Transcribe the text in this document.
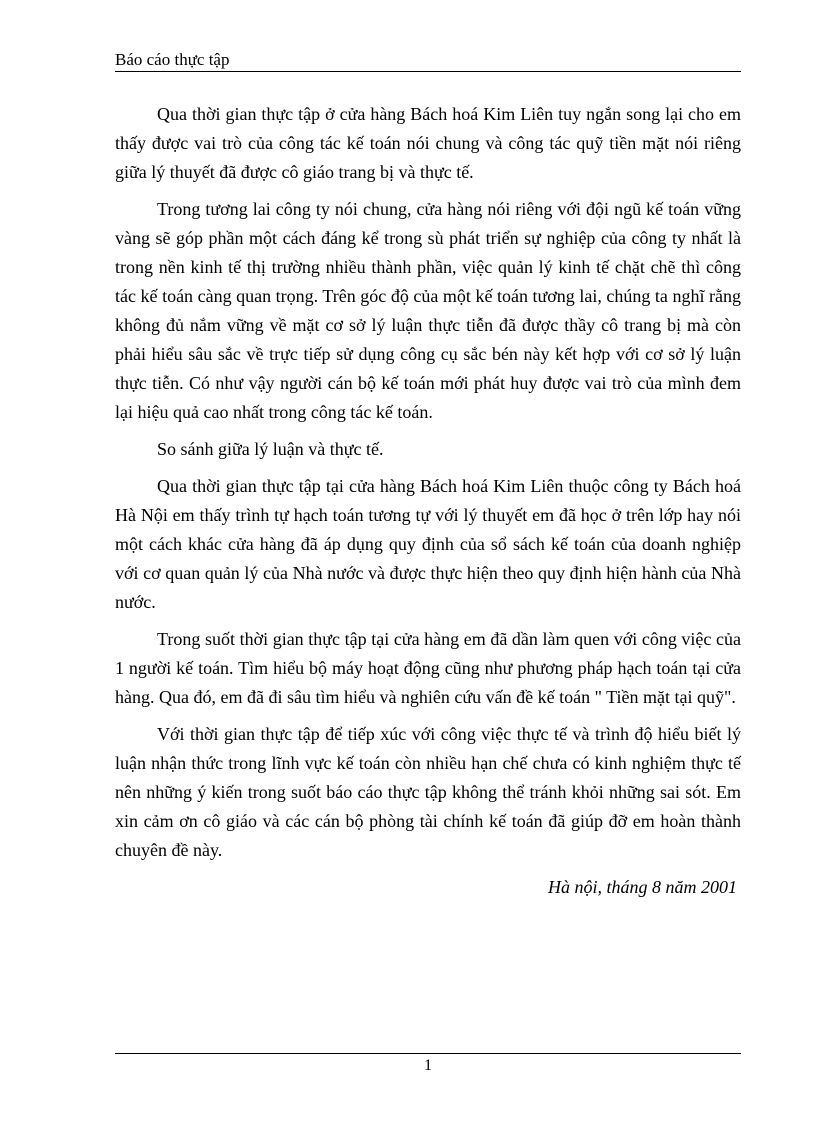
Báo cáo thực tập

Qua thời gian thực tập ở cửa hàng Bách hoá Kim Liên tuy ngắn song lại cho em thấy được vai trò của công tác kế toán nói chung và công tác quỹ tiền mặt nói riêng giữa lý thuyết đã được cô giáo trang bị và thực tế.

Trong tương lai công ty nói chung, cửa hàng nói riêng với đội ngũ kế toán vững vàng sẽ góp phần một cách đáng kể trong sù phát triển sự nghiệp của công ty nhất là trong nền kinh tế thị trường nhiều thành phần, việc quản lý kinh tế chặt chẽ thì công tác kế toán càng quan trọng. Trên góc độ của một kế toán tương lai, chúng ta nghĩ rằng không đủ nắm vững về mặt cơ sở lý luận thực tiễn đã được thầy cô trang bị mà còn phải hiểu sâu sắc về trực tiếp sử dụng công cụ sắc bén này kết hợp với cơ sở lý luận thực tiễn. Có như vậy người cán bộ kế toán mới phát huy được vai trò của mình đem lại hiệu quả cao nhất trong công tác kế toán.

So sánh giữa lý luận và thực tế.

Qua thời gian thực tập tại cửa hàng Bách hoá Kim Liên thuộc công ty Bách hoá Hà Nội em thấy trình tự hạch toán tương tự với lý thuyết em đã học ở trên lớp hay nói một cách khác cửa hàng đã áp dụng quy định của sổ sách kế toán của doanh nghiệp với cơ quan quản lý của Nhà nước và được thực hiện theo quy định hiện hành của Nhà nước.

Trong suốt thời gian thực tập tại cửa hàng em đã dần làm quen với công việc của 1 người kế toán. Tìm hiểu bộ máy hoạt động cũng như phương pháp hạch toán tại cửa hàng. Qua đó, em đã đi sâu tìm hiểu và nghiên cứu vấn đề kế toán " Tiền mặt tại quỹ".

Với thời gian thực tập để tiếp xúc với công việc thực tế và trình độ hiểu biết lý luận nhận thức trong lĩnh vực kế toán còn nhiều hạn chế chưa có kinh nghiệm thực tế nên những ý kiến trong suốt báo cáo thực tập không thể tránh khỏi những sai sót. Em xin cảm ơn cô giáo và các cán bộ phòng tài chính kế toán đã giúp đỡ em hoàn thành chuyên đề này.

Hà nội, tháng 8 năm 2001

1
